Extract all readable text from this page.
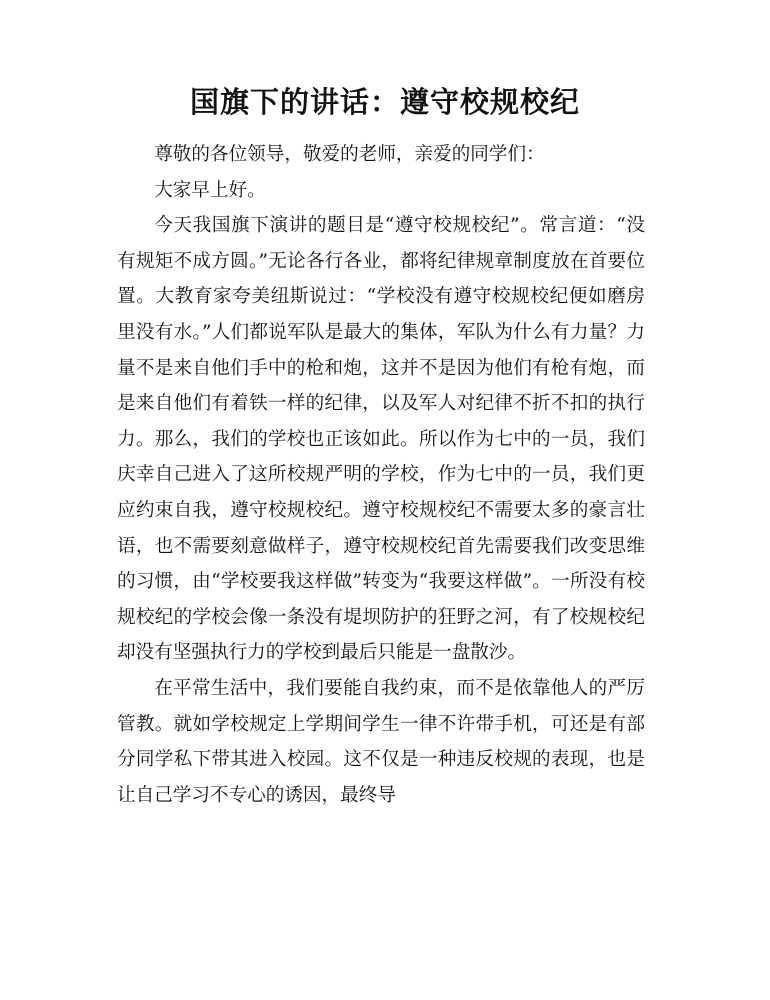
国旗下的讲话：遵守校规校纪

尊敬的各位领导，敬爱的老师，亲爱的同学们：

大家早上好。

今天我国旗下演讲的题目是“遵守校规校纪”。常言道：“没有规矩不成方圆。”无论各行各业，都将纪律规章制度放在首要位置。大教育家夸美纽斯说过：“学校没有遵守校规校纪便如磨房里没有水。”人们都说军队是最大的集体，军队为什么有力量？力量不是来自他们手中的枪和炮，这并不是因为他们有枪有炮，而是来自他们有着铁一样的纪律，以及军人对纪律不折不扣的执行力。那么，我们的学校也正该如此。所以作为七中的一员，我们庆幸自己进入了这所校规严明的学校，作为七中的一员，我们更应约束自我，遵守校规校纪。遵守校规校纪不需要太多的豪言壮语，也不需要刻意做样子，遵守校规校纪首先需要我们改变思维的习惯，由“学校要我这样做”转变为“我要这样做”。一所没有校规校纪的学校会像一条没有堤坝防护的狂野之河，有了校规校纪却没有坚强执行力的学校到最后只能是一盘散沙。

在平常生活中，我们要能自我约束，而不是依靠他人的严厉管教。就如学校规定上学期间学生一律不许带手机，可还是有部分同学私下带其进入校园。这不仅是一种违反校规的表现，也是让自己学习不专心的诱因，最终导
